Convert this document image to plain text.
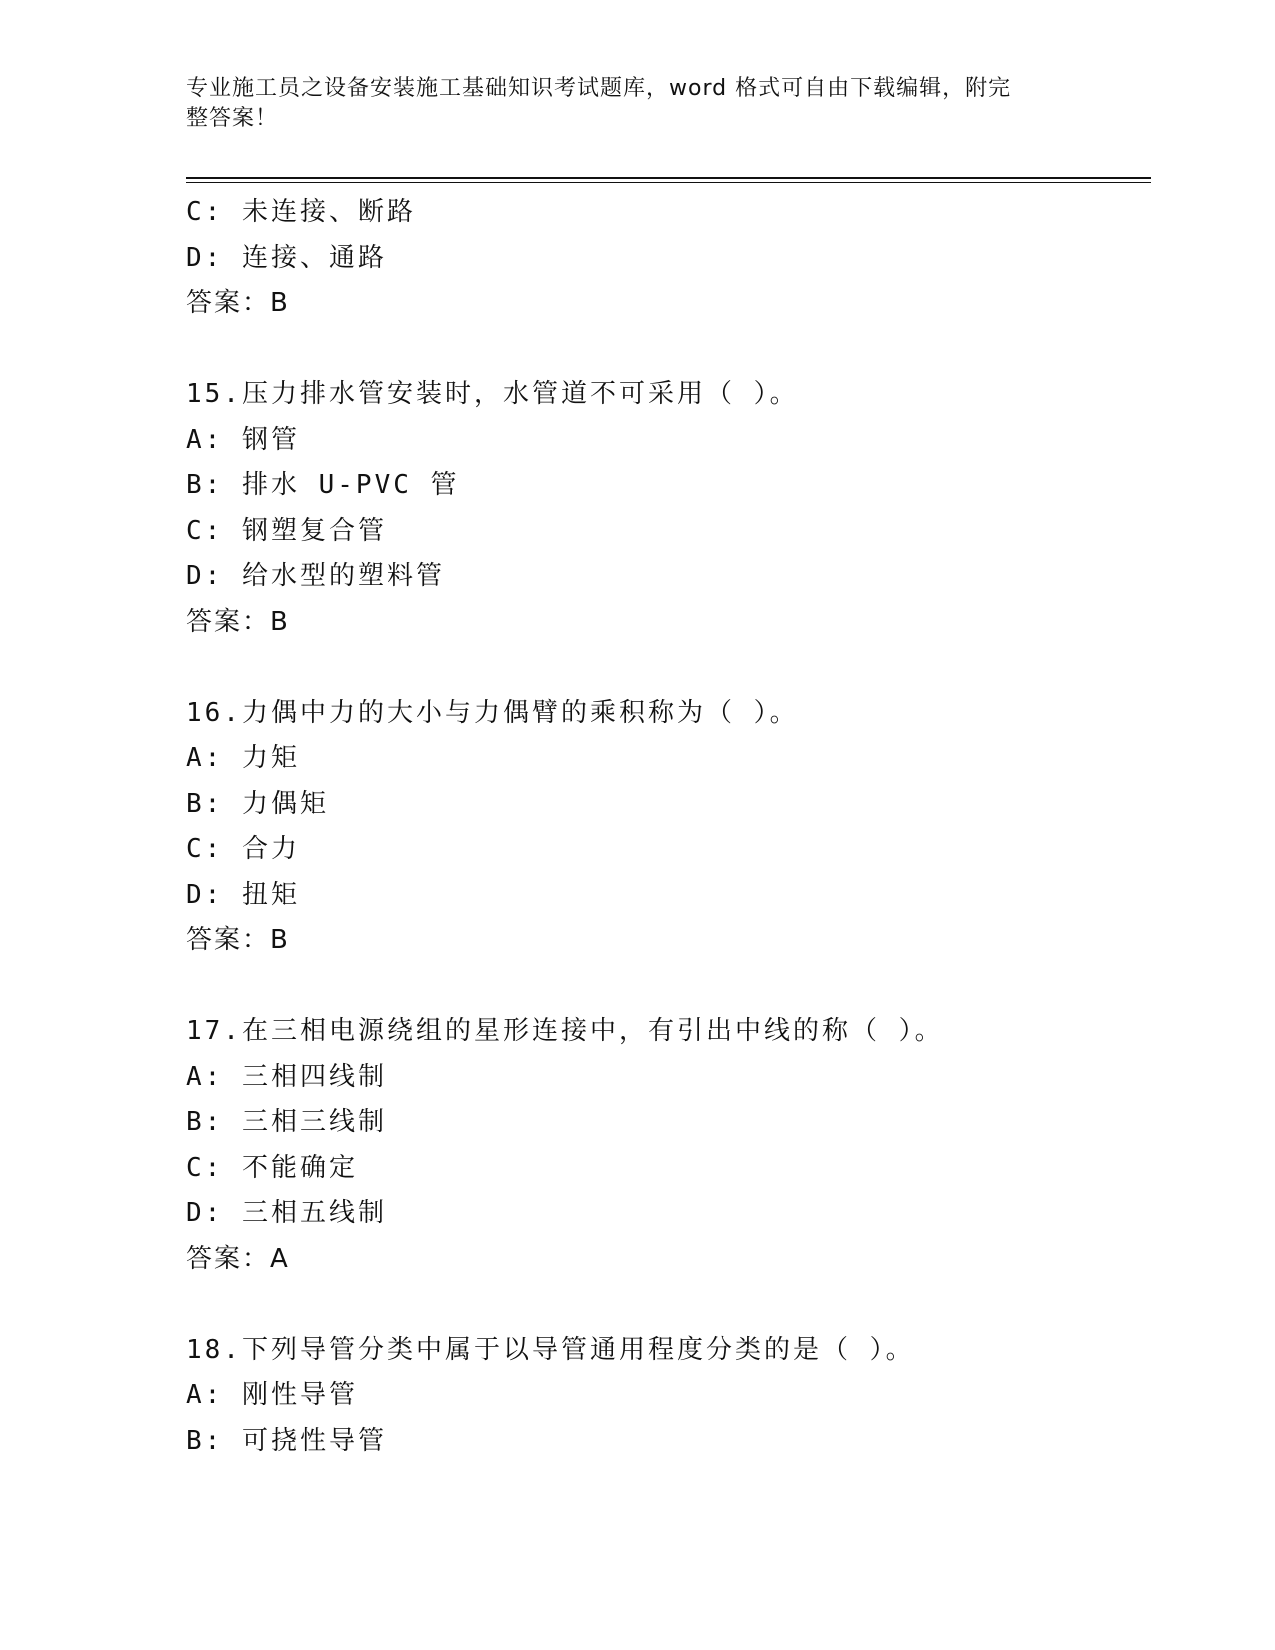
专业施工员之设备安装施工基础知识考试题库，word 格式可自由下载编辑，附完
整答案！
C: 未连接、断路
D: 连接、通路
答案：B
15.压力排水管安装时，水管道不可采用（ ）。
A: 钢管
B: 排水 U-PVC 管
C: 钢塑复合管
D: 给水型的塑料管
答案：B
16.力偶中力的大小与力偶臂的乘积称为（ ）。
A: 力矩
B: 力偶矩
C: 合力
D: 扭矩
答案：B
17.在三相电源绕组的星形连接中，有引出中线的称（ ）。
A: 三相四线制
B: 三相三线制
C: 不能确定
D: 三相五线制
答案：A
18.下列导管分类中属于以导管通用程度分类的是（ ）。
A: 刚性导管
B: 可挠性导管
